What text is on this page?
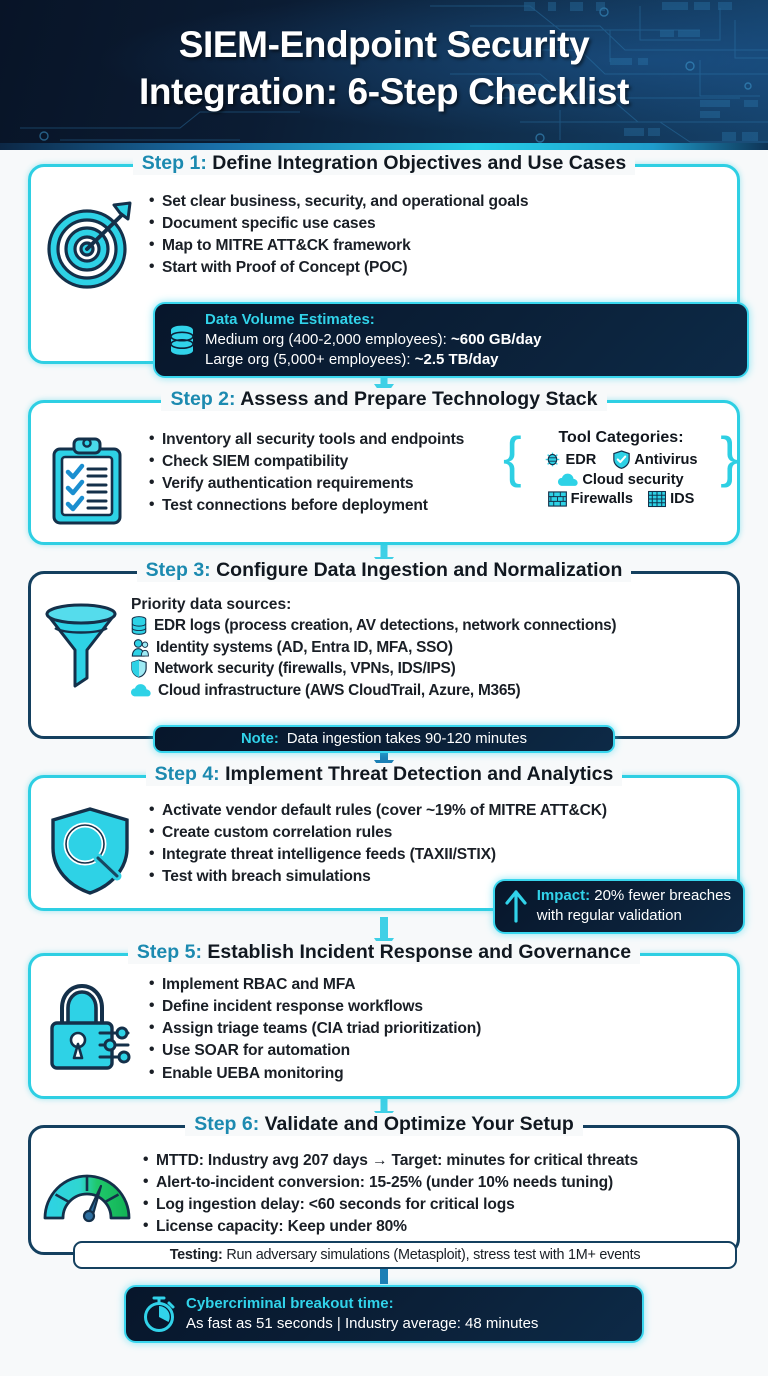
SIEM-Endpoint Security
Integration: 6-Step Checklist
Step 1: Define Integration Objectives and Use Cases
• Set clear business, security, and operational goals
• Document specific use cases
• Map to MITRE ATT&CK framework
• Start with Proof of Concept (POC)
Data Volume Estimates:
Medium org (400-2,000 employees): ~600 GB/day
Large org (5,000+ employees): ~2.5 TB/day
Step 2: Assess and Prepare Technology Stack
• Inventory all security tools and endpoints
• Check SIEM compatibility
• Verify authentication requirements
• Test connections before deployment
{	}
Tool Categories:
EDR	Antivirus
Cloud security
Firewalls	IDS
Step 3: Configure Data Ingestion and Normalization
Priority data sources:
EDR logs (process creation, AV detections, network connections)
Identity systems (AD, Entra ID, MFA, SSO)
Network security (firewalls, VPNs, IDS/IPS)
Cloud infrastructure (AWS CloudTrail, Azure, M365)
Note: Data ingestion takes 90-120 minutes
Step 4: Implement Threat Detection and Analytics
• Activate vendor default rules (cover ~19% of MITRE ATT&CK)
• Create custom correlation rules
• Integrate threat intelligence feeds (TAXII/STIX)
• Test with breach simulations
Impact: 20% fewer breaches
with regular validation
Step 5: Establish Incident Response and Governance
• Implement RBAC and MFA
• Define incident response workflows
• Assign triage teams (CIA triad prioritization)
• Use SOAR for automation
• Enable UEBA monitoring
Step 6: Validate and Optimize Your Setup
• MTTD: Industry avg 207 days → Target: minutes for critical threats
• Alert-to-incident conversion: 15-25% (under 10% needs tuning)
• Log ingestion delay: <60 seconds for critical logs
• License capacity: Keep under 80%
Testing: Run adversary simulations (Metasploit), stress test with 1M+ events
Cybercriminal breakout time:
As fast as 51 seconds | Industry average: 48 minutes
